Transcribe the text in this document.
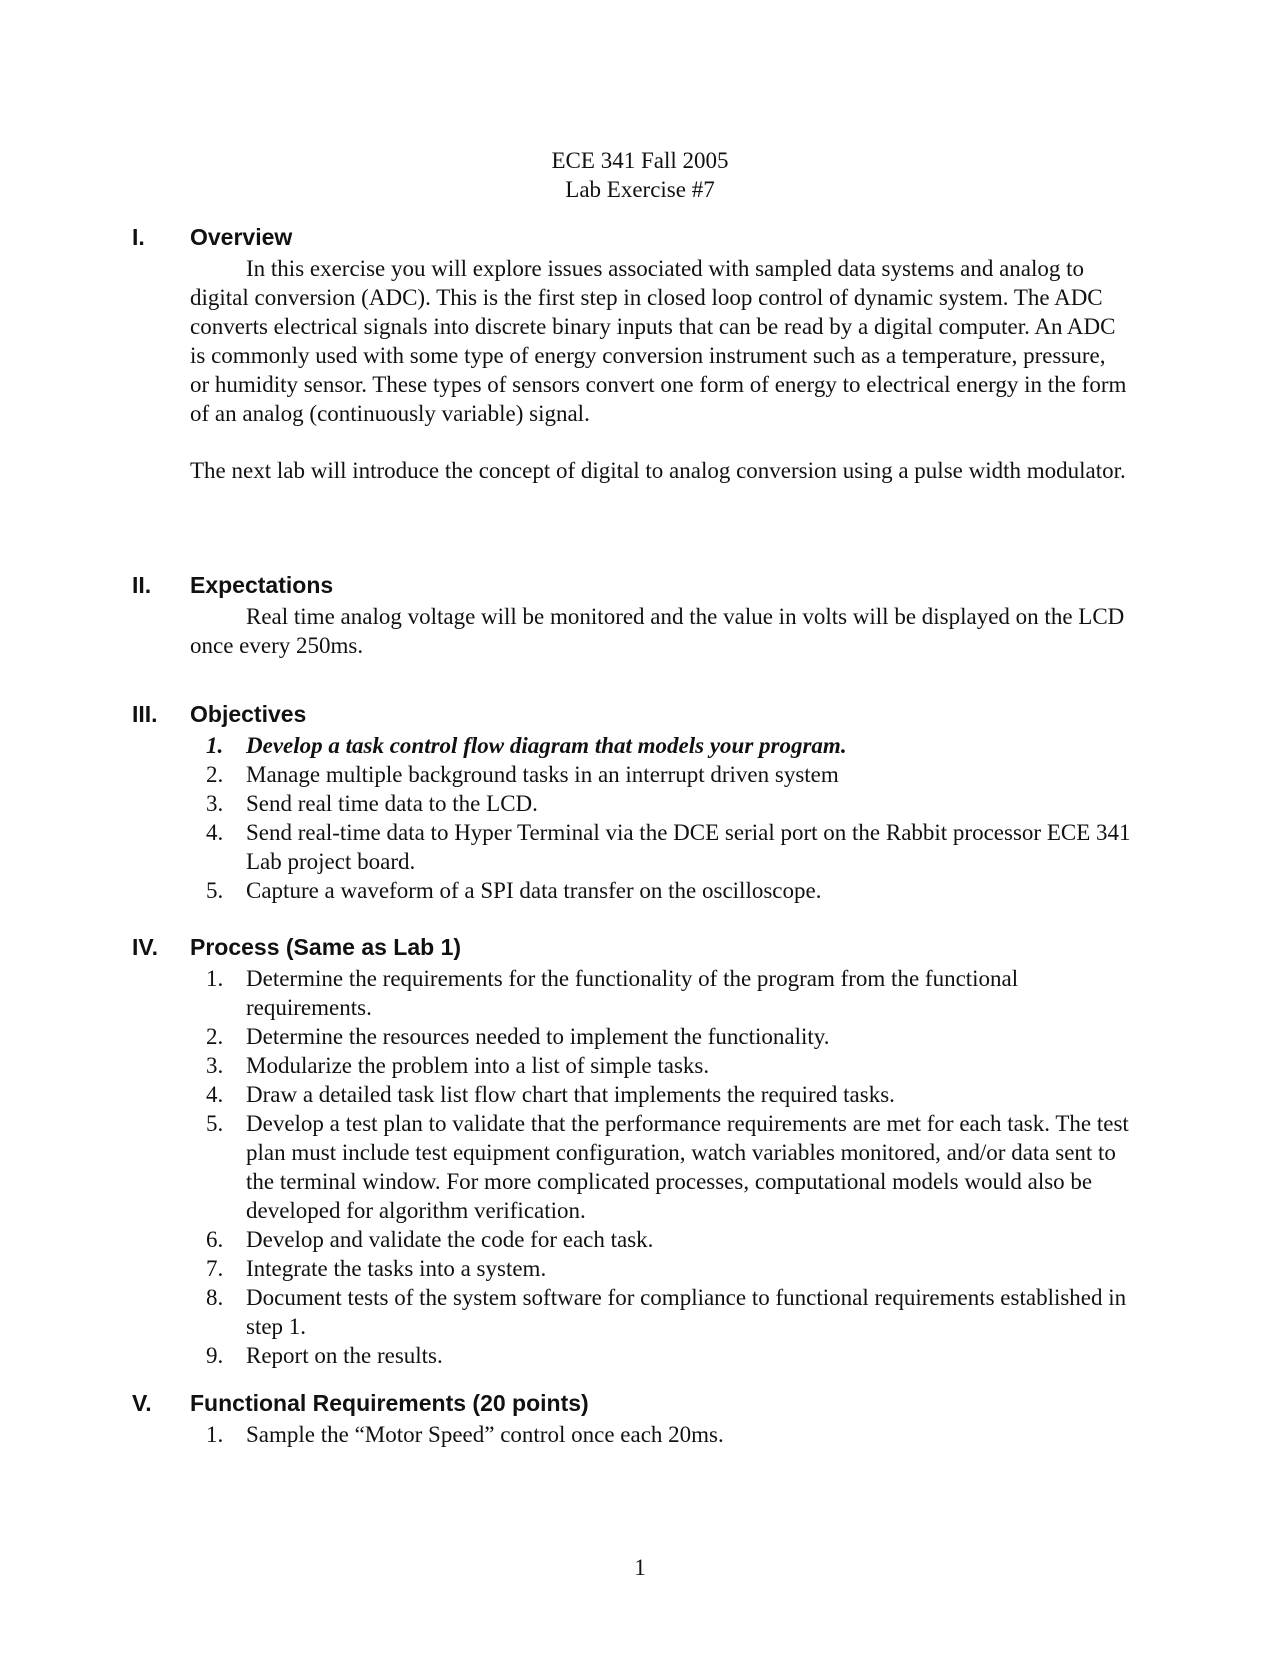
ECE 341 Fall 2005
Lab Exercise #7
I. Overview

In this exercise you will explore issues associated with sampled data systems and analog to digital conversion (ADC). This is the first step in closed loop control of dynamic system. The ADC converts electrical signals into discrete binary inputs that can be read by a digital computer. An ADC is commonly used with some type of energy conversion instrument such as a temperature, pressure, or humidity sensor. These types of sensors convert one form of energy to electrical energy in the form of an analog (continuously variable) signal.

The next lab will introduce the concept of digital to analog conversion using a pulse width modulator.

II. Expectations

Real time analog voltage will be monitored and the value in volts will be displayed on the LCD once every 250ms.

III. Objectives
1. Develop a task control flow diagram that models your program.
2. Manage multiple background tasks in an interrupt driven system
3. Send real time data to the LCD.
4. Send real-time data to Hyper Terminal via the DCE serial port on the Rabbit processor ECE 341 Lab project board.
5. Capture a waveform of a SPI data transfer on the oscilloscope.
IV. Process (Same as Lab 1)
1. Determine the requirements for the functionality of the program from the functional requirements.
2. Determine the resources needed to implement the functionality.
3. Modularize the problem into a list of simple tasks.
4. Draw a detailed task list flow chart that implements the required tasks.
5. Develop a test plan to validate that the performance requirements are met for each task. The test plan must include test equipment configuration, watch variables monitored, and/or data sent to the terminal window. For more complicated processes, computational models would also be developed for algorithm verification.
6. Develop and validate the code for each task.
7. Integrate the tasks into a system.
8. Document tests of the system software for compliance to functional requirements established in step 1.
9. Report on the results.
V. Functional Requirements (20 points)
1. Sample the “Motor Speed” control once each 20ms.
1
